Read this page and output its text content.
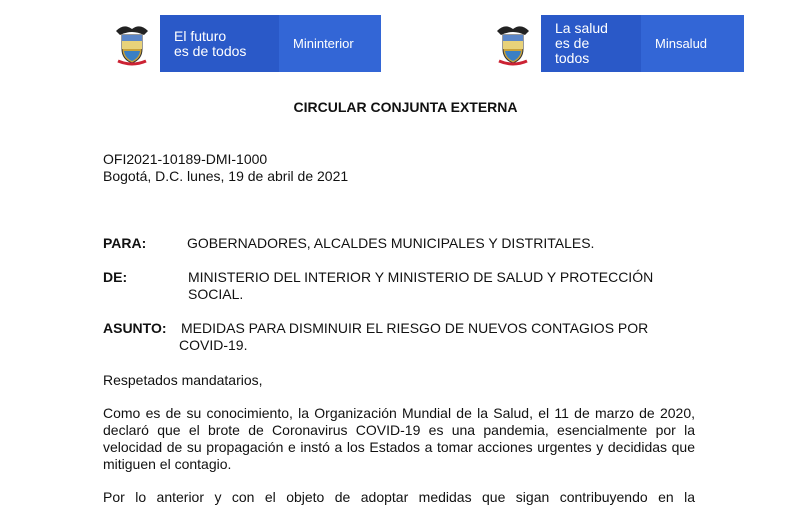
El futuro
es de todos	Mininterior
La salud
es de todos
Minsalud
CIRCULAR CONJUNTA EXTERNA
OFI2021-10189-DMI-1000
Bogotá, D.C. lunes, 19 de abril de 2021
PARA:	GOBERNADORES, ALCALDES MUNICIPALES Y DISTRITALES.
DE:	MINISTERIO DEL INTERIOR Y MINISTERIO DE SALUD Y PROTECCIÓN
SOCIAL.
ASUNTO: MEDIDAS PARA DISMINUIR EL RIESGO DE NUEVOS CONTAGIOS POR
COVID-19.
Respetados mandatarios,
Como es de su conocimiento, la Organización Mundial de la Salud, el 11 de marzo de 2020, declaró que el brote de Coronavirus COVID-19 es una pandemia, esencialmente por la velocidad de su propagación e instó a los Estados a tomar acciones urgentes y decididas que mitiguen el contagio.
Por lo anterior y con el objeto de adoptar medidas que sigan contribuyendo en la
